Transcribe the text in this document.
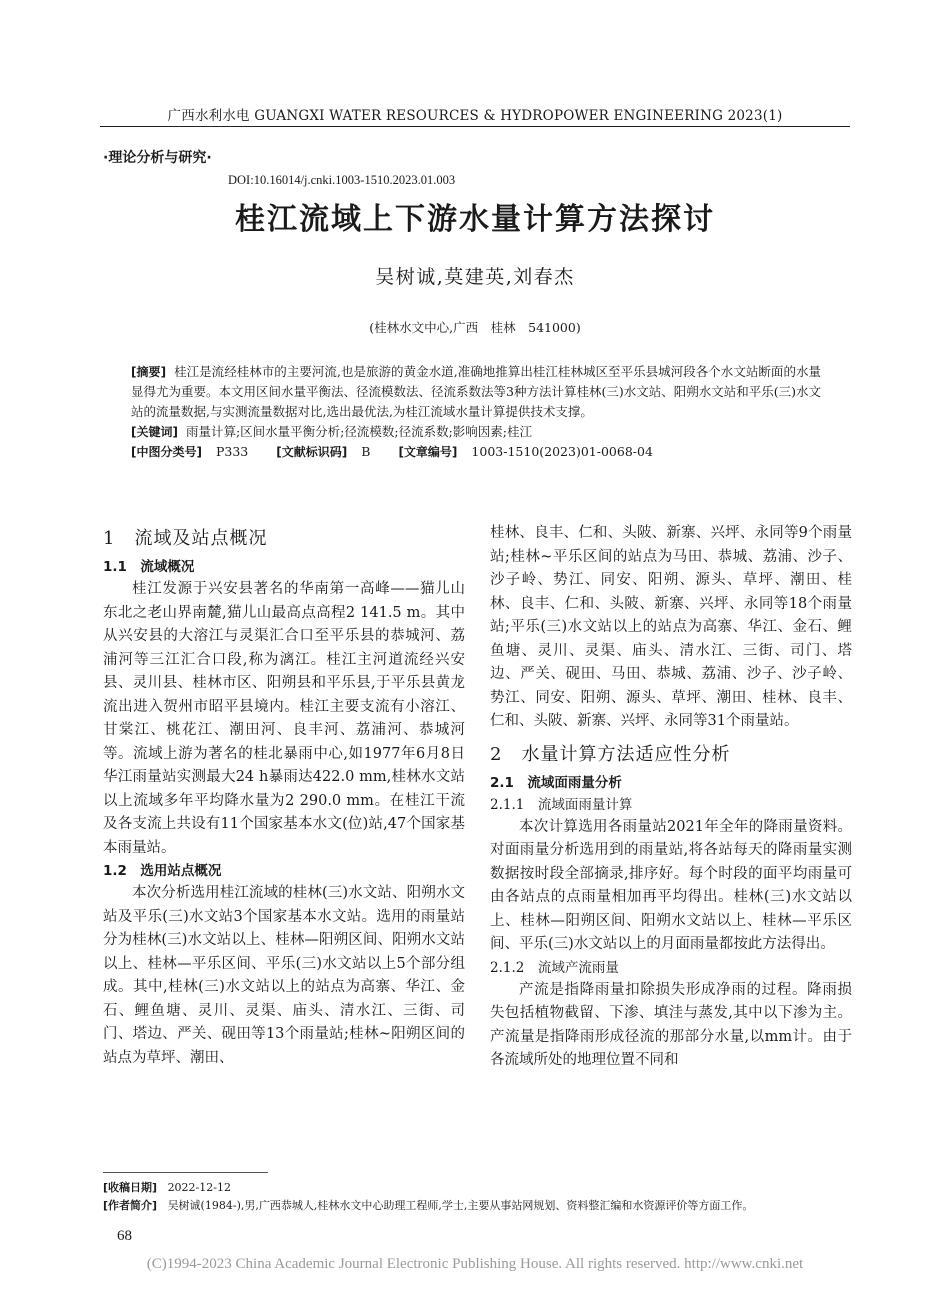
广西水利水电 GUANGXI WATER RESOURCES & HYDROPOWER ENGINEERING 2023(1)
·理论分析与研究·
DOI:10.16014/j.cnki.1003-1510.2023.01.003
桂江流域上下游水量计算方法探讨
吴树诚,莫建英,刘春杰
(桂林水文中心,广西　桂林　541000)

[摘要] 桂江是流经桂林市的主要河流,也是旅游的黄金水道,准确地推算出桂江桂林城区至平乐县城河段各个水文站断面的水量显得尤为重要。本文用区间水量平衡法、径流模数法、径流系数法等3种方法计算桂林(三)水文站、阳朔水文站和平乐(三)水文站的流量数据,与实测流量数据对比,选出最优法,为桂江流域水量计算提供技术支撑。

[关键词] 雨量计算;区间水量平衡分析;径流模数;径流系数;影响因素;桂江

[中图分类号] P333 [文献标识码] B [文章编号] 1003-1510(2023)01-0068-04

1　流域及站点概况

1.1　流域概况

桂江发源于兴安县著名的华南第一高峰——猫儿山东北之老山界南麓,猫儿山最高点高程2 141.5 m。其中从兴安县的大溶江与灵渠汇合口至平乐县的恭城河、荔浦河等三江汇合口段,称为漓江。桂江主河道流经兴安县、灵川县、桂林市区、阳朔县和平乐县,于平乐县黄龙流出进入贺州市昭平县境内。桂江主要支流有小溶江、甘棠江、桃花江、潮田河、良丰河、荔浦河、恭城河等。流域上游为著名的桂北暴雨中心,如1977年6月8日华江雨量站实测最大24 h暴雨达422.0 mm,桂林水文站以上流域多年平均降水量为2 290.0 mm。在桂江干流及各支流上共设有11个国家基本水文(位)站,47个国家基本雨量站。

1.2　选用站点概况

本次分析选用桂江流域的桂林(三)水文站、阳朔水文站及平乐(三)水文站3个国家基本水文站。选用的雨量站分为桂林(三)水文站以上、桂林—阳朔区间、阳朔水文站以上、桂林—平乐区间、平乐(三)水文站以上5个部分组成。其中,桂林(三)水文站以上的站点为高寨、华江、金石、鲤鱼塘、灵川、灵渠、庙头、清水江、三街、司门、塔边、严关、砚田等13个雨量站;桂林~阳朔区间的站点为草坪、潮田、

桂林、良丰、仁和、头陂、新寨、兴坪、永同等9个雨量站;桂林~平乐区间的站点为马田、恭城、荔浦、沙子、沙子岭、势江、同安、阳朔、源头、草坪、潮田、桂林、良丰、仁和、头陂、新寨、兴坪、永同等18个雨量站;平乐(三)水文站以上的站点为高寨、华江、金石、鲤鱼塘、灵川、灵渠、庙头、清水江、三街、司门、塔边、严关、砚田、马田、恭城、荔浦、沙子、沙子岭、势江、同安、阳朔、源头、草坪、潮田、桂林、良丰、仁和、头陂、新寨、兴坪、永同等31个雨量站。

2　水量计算方法适应性分析

2.1　流域面雨量分析

2.1.1　流域面雨量计算

本次计算选用各雨量站2021年全年的降雨量资料。对面雨量分析选用到的雨量站,将各站每天的降雨量实测数据按时段全部摘录,排序好。每个时段的面平均雨量可由各站点的点雨量相加再平均得出。桂林(三)水文站以上、桂林—阳朔区间、阳朔水文站以上、桂林—平乐区间、平乐(三)水文站以上的月面雨量都按此方法得出。

2.1.2　流域产流雨量

产流是指降雨量扣除损失形成净雨的过程。降雨损失包括植物截留、下渗、填洼与蒸发,其中以下渗为主。产流量是指降雨形成径流的那部分水量,以mm计。由于各流域所处的地理位置不同和

[收稿日期] 2022-12-12
[作者简介] 吴树诚(1984-),男,广西恭城人,桂林水文中心助理工程师,学士,主要从事站网规划、资料整汇编和水资源评价等方面工作。
68
(C)1994-2023 China Academic Journal Electronic Publishing House. All rights reserved. http://www.cnki.net
